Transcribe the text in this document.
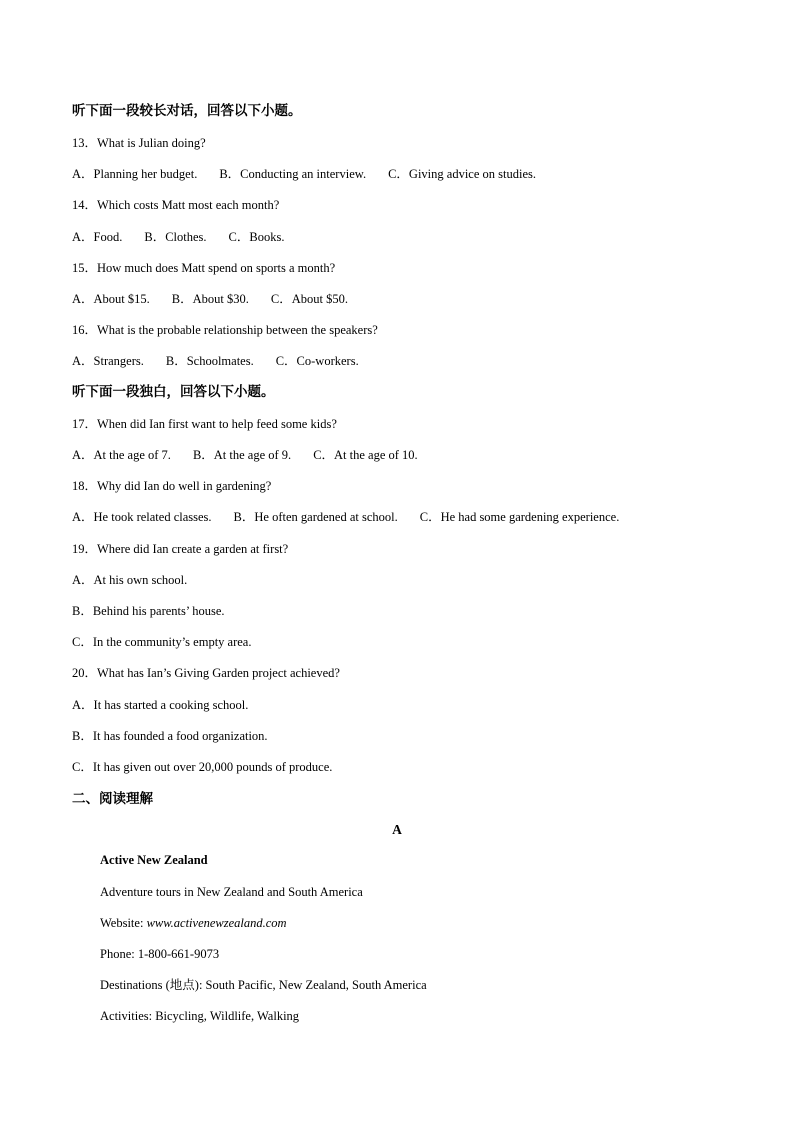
听下面一段较长对话，回答以下小题。
13．What is Julian doing?
A．Planning her budget. B．Conducting an interview. C．Giving advice on studies.
14．Which costs Matt most each month?
A．Food. B．Clothes. C．Books.
15．How much does Matt spend on sports a month?
A．About $15. B．About $30. C．About $50.
16．What is the probable relationship between the speakers?
A．Strangers. B．Schoolmates. C．Co-workers.
听下面一段独白，回答以下小题。
17．When did Ian first want to help feed some kids?
A．At the age of 7. B．At the age of 9. C．At the age of 10.
18．Why did Ian do well in gardening?
A．He took related classes. B．He often gardened at school. C．He had some gardening experience.
19．Where did Ian create a garden at first?
A．At his own school.
B．Behind his parents’ house.
C．In the community’s empty area.
20．What has Ian’s Giving Garden project achieved?
A．It has started a cooking school.
B．It has founded a food organization.
C．It has given out over 20,000 pounds of produce.
二、阅读理解
A
Active New Zealand
Adventure tours in New Zealand and South America
Website: www.activenewzealand.com
Phone: 1-800-661-9073
Destinations (地点): South Pacific, New Zealand, South America
Activities: Bicycling, Wildlife, Walking
